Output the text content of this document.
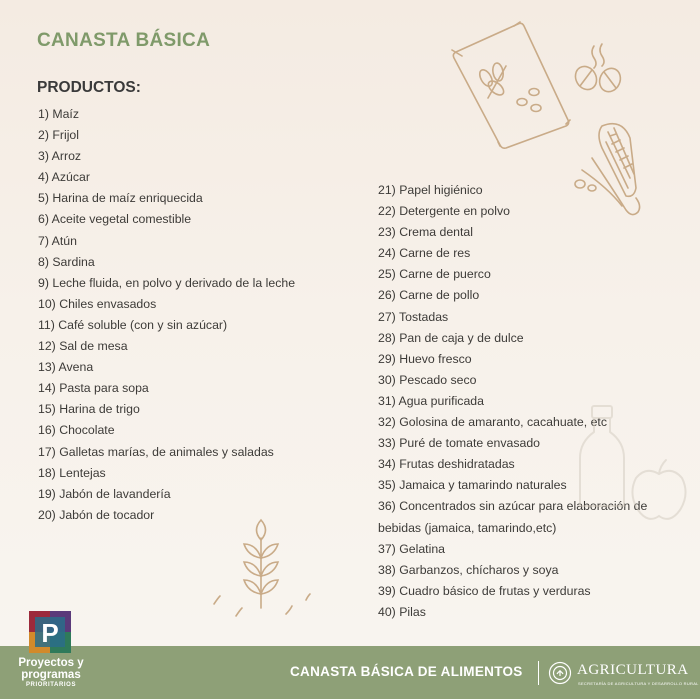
CANASTA BÁSICA
PRODUCTOS:
1) Maíz
2) Frijol
3) Arroz
4) Azúcar
5) Harina de maíz enriquecida
6) Aceite vegetal comestible
7) Atún
8) Sardina
9) Leche fluida, en polvo y derivado de la leche
10) Chiles envasados
11) Café soluble (con y sin azúcar)
12) Sal de mesa
13) Avena
14) Pasta para sopa
15) Harina de trigo
16) Chocolate
17) Galletas marías, de animales y saladas
18) Lentejas
19) Jabón de lavandería
20) Jabón de tocador
21) Papel higiénico
22) Detergente en polvo
23) Crema dental
24) Carne de res
25) Carne de puerco
26) Carne de pollo
27) Tostadas
28) Pan de caja y de dulce
29) Huevo fresco
30) Pescado seco
31) Agua purificada
32) Golosina de amaranto, cacahuate, etc
33) Puré de tomate envasado
34) Frutas deshidratadas
35) Jamaica y tamarindo naturales
36) Concentrados sin azúcar para elaboración de bebidas (jamaica, tamarindo,etc)
37) Gelatina
38) Garbanzos, chícharos y soya
39) Cuadro básico de frutas y verduras
40) Pilas
P
Proyectos y
programas
PRIORITARIOS
CANASTA BÁSICA DE ALIMENTOS	AGRICULTURA
SECRETARÍA DE AGRICULTURA Y DESARROLLO RURAL
